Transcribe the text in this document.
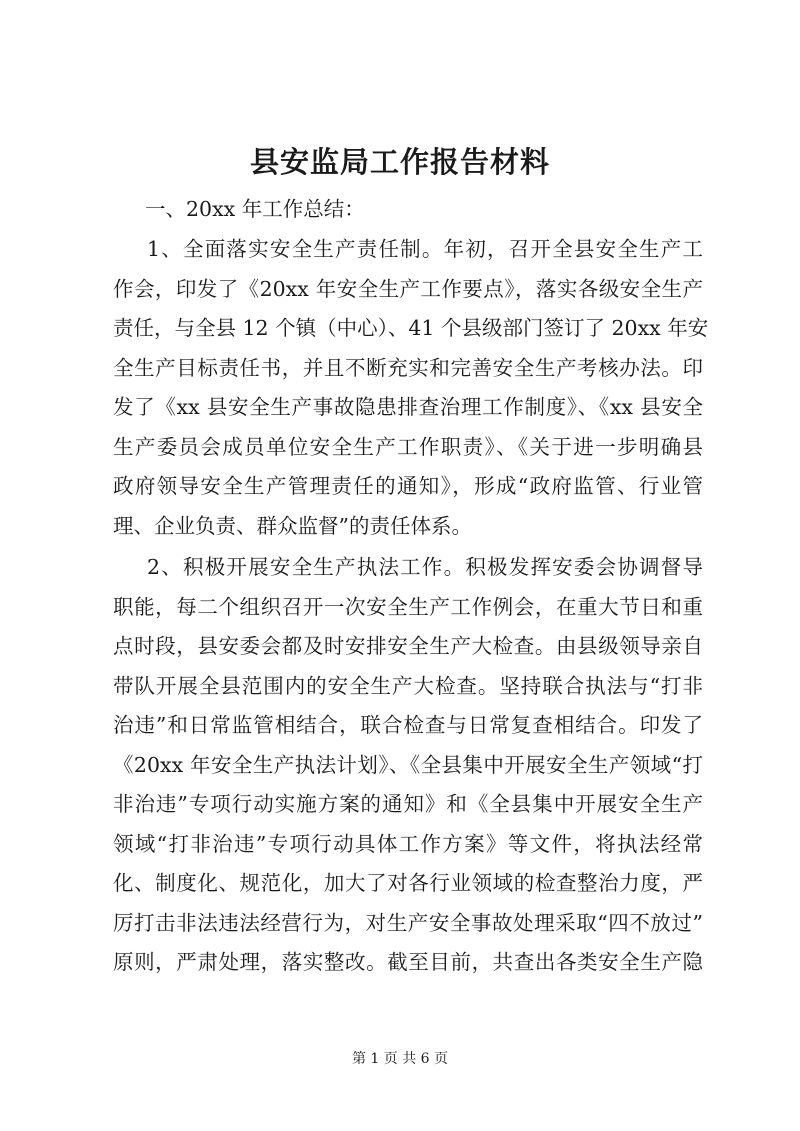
县安监局工作报告材料
一、20xx 年工作总结：
1、全面落实安全生产责任制。年初，召开全县安全生产工
作会，印发了《20xx 年安全生产工作要点》，落实各级安全生产
责任，与全县 12 个镇（中心）、41 个县级部门签订了 20xx 年安
全生产目标责任书，并且不断充实和完善安全生产考核办法。印
发了《xx 县安全生产事故隐患排查治理工作制度》、《xx 县安全
生产委员会成员单位安全生产工作职责》、《关于进一步明确县
政府领导安全生产管理责任的通知》，形成“政府监管、行业管
理、企业负责、群众监督”的责任体系。
2、积极开展安全生产执法工作。积极发挥安委会协调督导
职能，每二个组织召开一次安全生产工作例会，在重大节日和重
点时段，县安委会都及时安排安全生产大检查。由县级领导亲自
带队开展全县范围内的安全生产大检查。坚持联合执法与“打非
治违”和日常监管相结合，联合检查与日常复查相结合。印发了
《20xx 年安全生产执法计划》、《全县集中开展安全生产领域“打
非治违”专项行动实施方案的通知》和《全县集中开展安全生产
领域“打非治违”专项行动具体工作方案》等文件，将执法经常
化、制度化、规范化，加大了对各行业领域的检查整治力度，严
厉打击非法违法经营行为，对生产安全事故处理采取“四不放过”
原则，严肃处理，落实整改。截至目前，共查出各类安全生产隐
第 1 页 共 6 页
